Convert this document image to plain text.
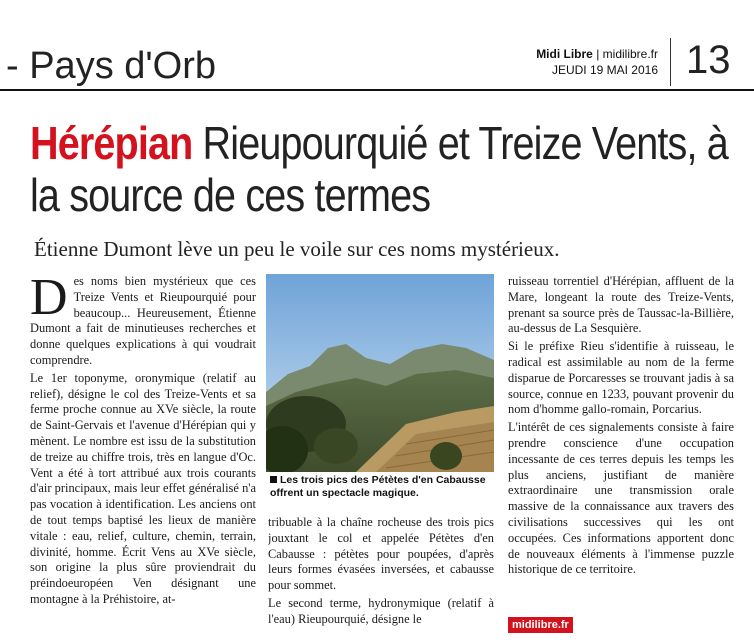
- Pays d'Orb	Midi Libre | midilibre.fr
JEUDI 19 MAI 2016 13
Hérépian Rieupourquié et Treize Vents, à la source de ces termes
Étienne Dumont lève un peu le voile sur ces noms mystérieux.

Des noms bien mystérieux que ces Treize Vents et Rieupourquié pour beaucoup... Heureusement, Étienne Dumont a fait de minutieuses recherches et donne quelques explications à qui voudrait comprendre.

Le 1er toponyme, oronymique (relatif au relief), désigne le col des Treize-Vents et sa ferme proche connue au XVe siècle, la route de Saint-Gervais et l'avenue d'Hérépian qui y mènent. Le nombre est issu de la substitution de treize au chiffre trois, très en langue d'Oc. Vent a été à tort attribué aux trois courants d'air principaux, mais leur effet généralisé n'a pas vocation à identification. Les anciens ont de tout temps baptisé les lieux de manière vitale : eau, relief, culture, chemin, terrain, divinité, homme. Écrit Vens au XVe siècle, son origine la plus sûre proviendrait du préindoeuropéen Ven désignant une montagne à la Préhistoire, at-

Les trois pics des Pétètes d'en Cabausse offrent un spectacle magique.

tribuable à la chaîne rocheuse des trois pics jouxtant le col et appelée Pétètes d'en Cabausse : pétètes pour poupées, d'après leurs formes évasées inversées, et cabausse pour sommet.

Le second terme, hydronymique (relatif à l'eau) Rieupourquié, désigne le

ruisseau torrentiel d'Hérépian, affluent de la Mare, longeant la route des Treize-Vents, prenant sa source près de Taussac-la-Billière, au-dessus de La Sesquière.

Si le préfixe Rieu s'identifie à ruisseau, le radical est assimilable au nom de la ferme disparue de Porcaresses se trouvant jadis à sa source, connue en 1233, pouvant provenir du nom d'homme gallo-romain, Porcarius.

L'intérêt de ces signalements consiste à faire prendre conscience d'une occupation incessante de ces terres depuis les temps les plus anciens, justifiant de manière extraordinaire une transmission orale massive de la connaissance aux travers des civilisations successives qui les ont occupées. Ces informations apportent donc de nouveaux éléments à l'immense puzzle historique de ce territoire.

midilibre.fr
